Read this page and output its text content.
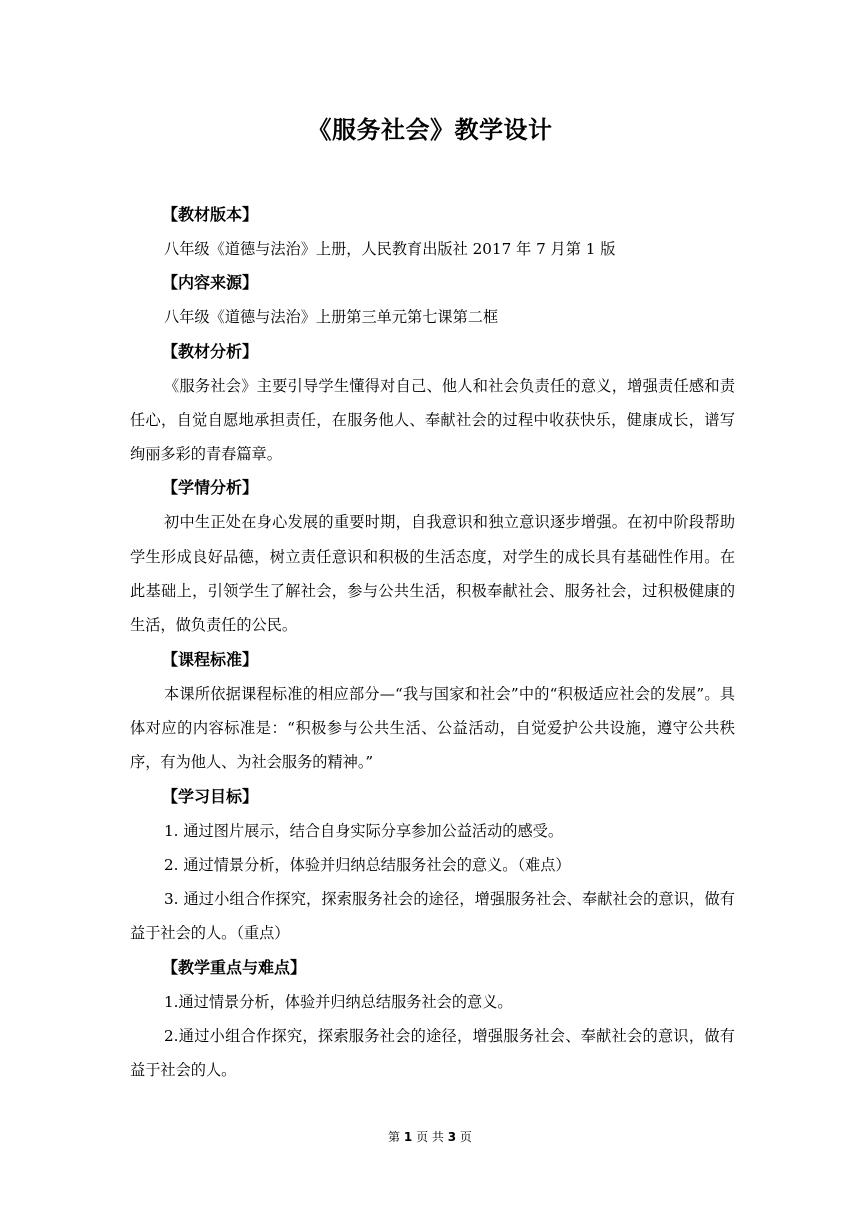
《服务社会》教学设计
【教材版本】

八年级《道德与法治》上册，人民教育出版社 2017 年 7 月第 1 版

【内容来源】

八年级《道德与法治》上册第三单元第七课第二框

【教材分析】

《服务社会》主要引导学生懂得对自己、他人和社会负责任的意义，增强责任感和责任心，自觉自愿地承担责任，在服务他人、奉献社会的过程中收获快乐，健康成长，谱写绚丽多彩的青春篇章。

【学情分析】

初中生正处在身心发展的重要时期，自我意识和独立意识逐步增强。在初中阶段帮助学生形成良好品德，树立责任意识和积极的生活态度，对学生的成长具有基础性作用。在此基础上，引领学生了解社会，参与公共生活，积极奉献社会、服务社会，过积极健康的生活，做负责任的公民。

【课程标准】

本课所依据课程标准的相应部分—“我与国家和社会”中的“积极适应社会的发展”。具体对应的内容标准是：“积极参与公共生活、公益活动，自觉爱护公共设施，遵守公共秩序，有为他人、为社会服务的精神。”

【学习目标】

1. 通过图片展示，结合自身实际分享参加公益活动的感受。

2. 通过情景分析，体验并归纳总结服务社会的意义。（难点）

3. 通过小组合作探究，探索服务社会的途径，增强服务社会、奉献社会的意识，做有益于社会的人。（重点）

【教学重点与难点】

1.通过情景分析，体验并归纳总结服务社会的意义。

2.通过小组合作探究，探索服务社会的途径，增强服务社会、奉献社会的意识，做有益于社会的人。

第 1 页 共 3 页
